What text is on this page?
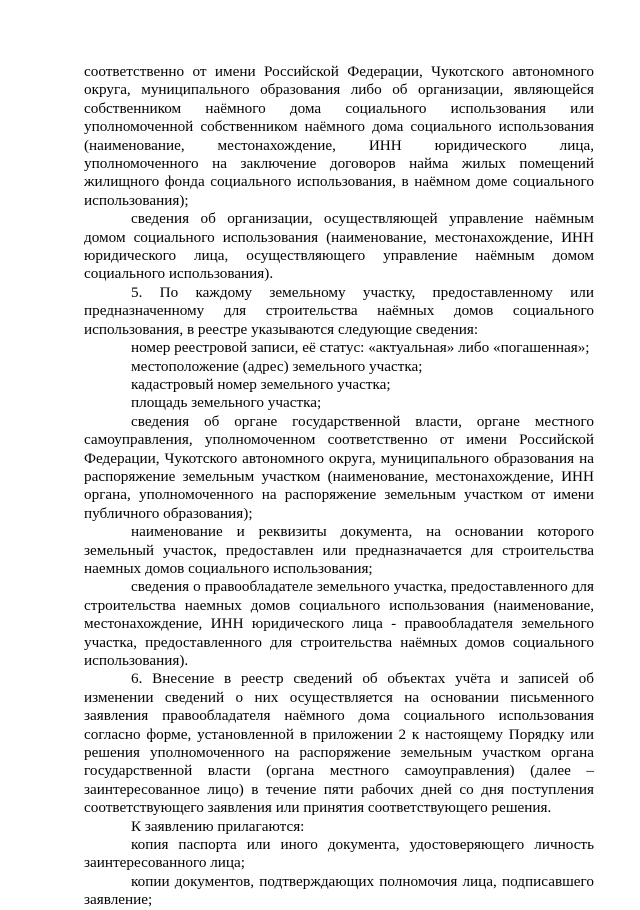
соответственно от имени Российской Федерации, Чукотского автономного округа, муниципального образования либо об организации, являющейся собственником наёмного дома социального использования или уполномоченной собственником наёмного дома социального использования (наименование, местонахождение, ИНН юридического лица, уполномоченного на заключение договоров найма жилых помещений жилищного фонда социального использования, в наёмном доме социального использования);

сведения об организации, осуществляющей управление наёмным домом социального использования (наименование, местонахождение, ИНН юридического лица, осуществляющего управление наёмным домом социального использования).

5. По каждому земельному участку, предоставленному или предназначенному для строительства наёмных домов социального использования, в реестре указываются следующие сведения:

номер реестровой записи, её статус: «актуальная» либо «погашенная»;

местоположение (адрес) земельного участка;

кадастровый номер земельного участка;

площадь земельного участка;

сведения об органе государственной власти, органе местного самоуправления, уполномоченном соответственно от имени Российской Федерации, Чукотского автономного округа, муниципального образования на распоряжение земельным участком (наименование, местонахождение, ИНН органа, уполномоченного на распоряжение земельным участком от имени публичного образования);

наименование и реквизиты документа, на основании которого земельный участок, предоставлен или предназначается для строительства наемных домов социального использования;

сведения о правообладателе земельного участка, предоставленного для строительства наемных домов социального использования (наименование, местонахождение, ИНН юридического лица - правообладателя земельного участка, предоставленного для строительства наёмных домов социального использования).

6. Внесение в реестр сведений об объектах учёта и записей об изменении сведений о них осуществляется на основании письменного заявления правообладателя наёмного дома социального использования согласно форме, установленной в приложении 2 к настоящему Порядку или решения уполномоченного на распоряжение земельным участком органа государственной власти (органа местного самоуправления) (далее – заинтересованное лицо) в течение пяти рабочих дней со дня поступления соответствующего заявления или принятия соответствующего решения.

К заявлению прилагаются:

копия паспорта или иного документа, удостоверяющего личность заинтересованного лица;

копии документов, подтверждающих полномочия лица, подписавшего заявление;
